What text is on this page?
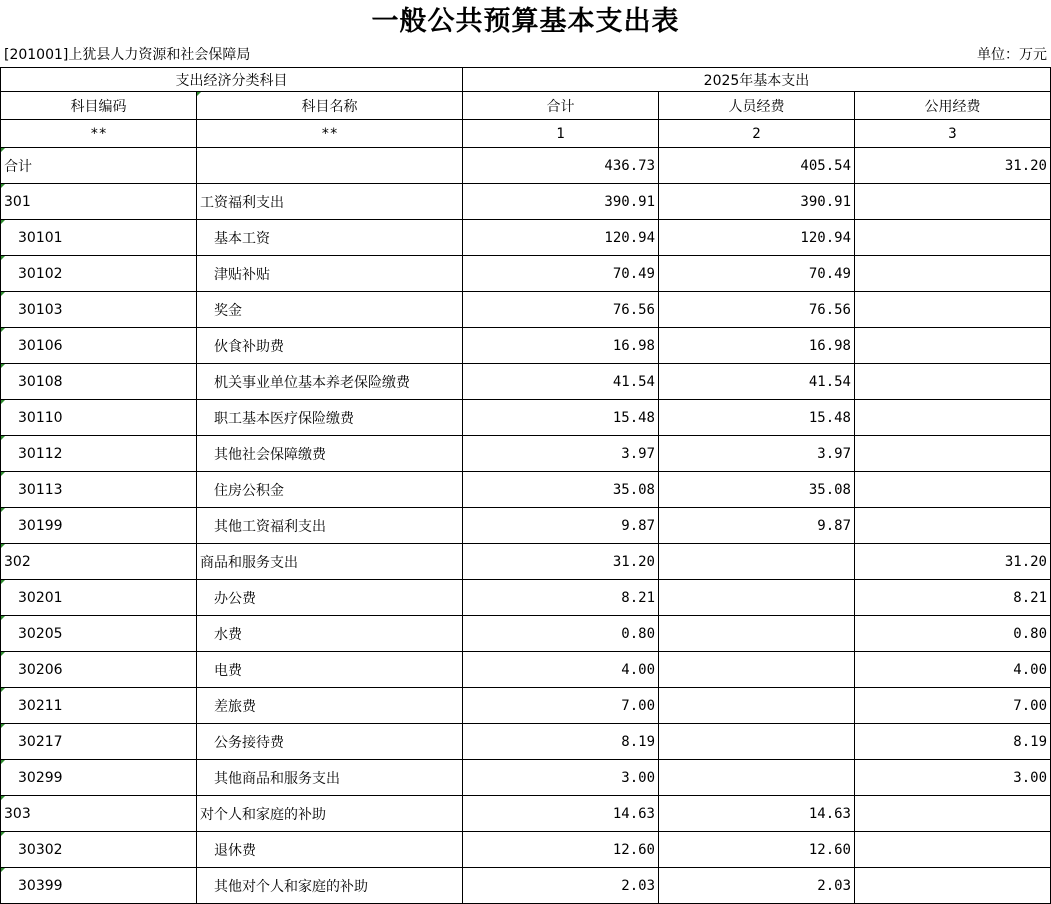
一般公共预算基本支出表
[201001]上犹县人力资源和社会保障局	单位：万元
支出经济分类科目		2025年基本支出		
科目编码	科目名称	合计	人员经费	公用经费
**	**	1	2	3
合计		436.73	405.54	31.20
301	工资福利支出	390.91	390.91	
30101	基本工资	120.94	120.94	
30102	津贴补贴	70.49	70.49	
30103	奖金	76.56	76.56	
30106	伙食补助费	16.98	16.98	
30108	机关事业单位基本养老保险缴费	41.54	41.54	
30110	职工基本医疗保险缴费	15.48	15.48	
30112	其他社会保障缴费	3.97	3.97	
30113	住房公积金	35.08	35.08	
30199	其他工资福利支出	9.87	9.87	
302	商品和服务支出	31.20		31.20
30201	办公费	8.21		8.21
30205	水费	0.80		0.80
30206	电费	4.00		4.00
30211	差旅费	7.00		7.00
30217	公务接待费	8.19		8.19
30299	其他商品和服务支出	3.00		3.00
303	对个人和家庭的补助	14.63	14.63	
30302	退休费	12.60	12.60	
30399	其他对个人和家庭的补助	2.03	2.03	
